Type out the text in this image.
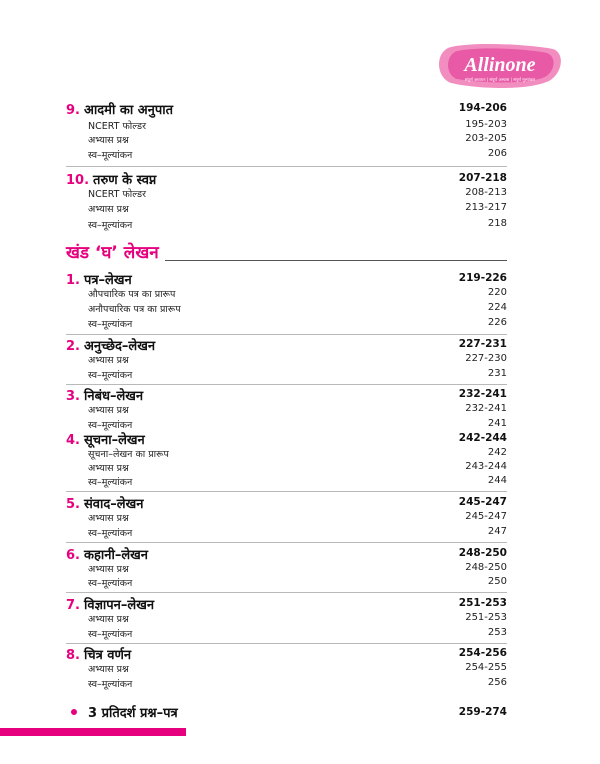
Allinone
संपूर्ण अध्ययन | संपूर्ण अभ्यास | संपूर्ण मूल्यांकन
9. आदमी का अनुपात	194-206
NCERT फोल्डर	195-203
अभ्यास प्रश्न	203-205
स्व–मूल्यांकन	206
10. तरुण के स्वप्न	207-218
NCERT फोल्डर	208-213
अभ्यास प्रश्न	213-217
स्व–मूल्यांकन	218
खंड ‘घ’ लेखन
1. पत्र–लेखन	219-226
औपचारिक पत्र का प्रारूप	220
अनौपचारिक पत्र का प्रारूप	224
स्व–मूल्यांकन	226
2. अनुच्छेद–लेखन	227-231
अभ्यास प्रश्न	227-230
स्व–मूल्यांकन	231
3. निबंध–लेखन	232-241
अभ्यास प्रश्न	232-241
स्व–मूल्यांकन	241
4. सूचना–लेखन	242-244
सूचना–लेखन का प्रारूप	242
अभ्यास प्रश्न	243-244
स्व–मूल्यांकन	244
5. संवाद–लेखन	245-247
अभ्यास प्रश्न	245-247
स्व–मूल्यांकन	247
6. कहानी–लेखन	248-250
अभ्यास प्रश्न	248-250
स्व–मूल्यांकन	250
7. विज्ञापन–लेखन	251-253
अभ्यास प्रश्न	251-253
स्व–मूल्यांकन	253
8. चित्र वर्णन	254-256
अभ्यास प्रश्न	254-255
स्व–मूल्यांकन	256
3 प्रतिदर्श प्रश्न–पत्र	259-274
